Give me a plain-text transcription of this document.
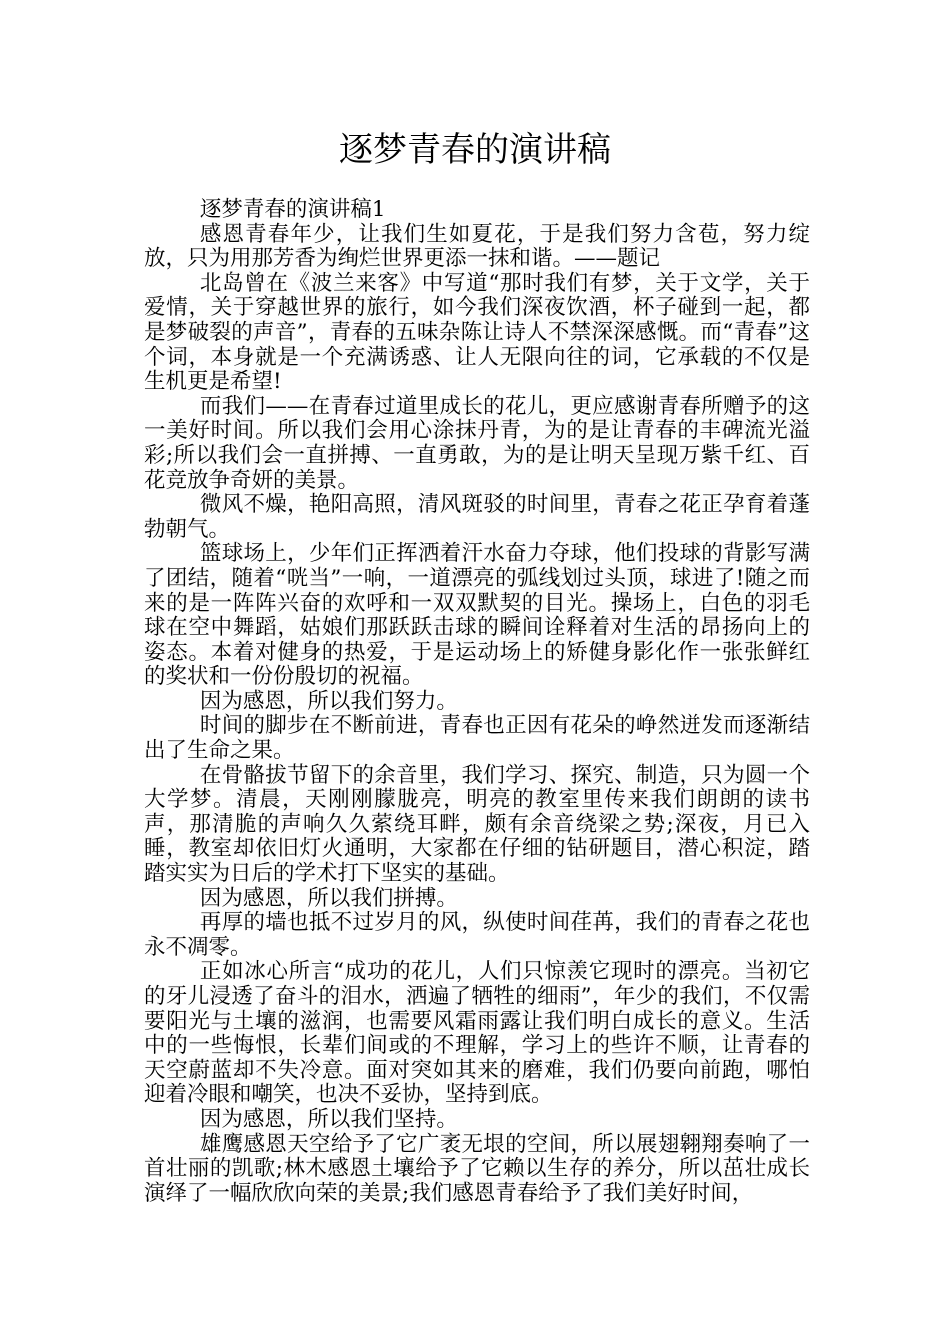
逐梦青春的演讲稿

逐梦青春的演讲稿1

感恩青春年少，让我们生如夏花，于是我们努力含苞，努力绽放，只为用那芳香为绚烂世界更添一抹和谐。——题记

北岛曾在《波兰来客》中写道“那时我们有梦，关于文学，关于爱情，关于穿越世界的旅行，如今我们深夜饮酒，杯子碰到一起，都是梦破裂的声音”，青春的五味杂陈让诗人不禁深深感慨。而“青春”这个词，本身就是一个充满诱惑、让人无限向往的词，它承载的不仅是生机更是希望!

而我们——在青春过道里成长的花儿，更应感谢青春所赠予的这一美好时间。所以我们会用心涂抹丹青，为的是让青春的丰碑流光溢彩;所以我们会一直拼搏、一直勇敢，为的是让明天呈现万紫千红、百花竞放争奇妍的美景。

微风不燥，艳阳高照，清风斑驳的时间里，青春之花正孕育着蓬勃朝气。

篮球场上，少年们正挥洒着汗水奋力夺球，他们投球的背影写满了团结，随着“咣当”一响，一道漂亮的弧线划过头顶，球进了!随之而来的是一阵阵兴奋的欢呼和一双双默契的目光。操场上，白色的羽毛球在空中舞蹈，姑娘们那跃跃击球的瞬间诠释着对生活的昂扬向上的姿态。本着对健身的热爱，于是运动场上的矫健身影化作一张张鲜红的奖状和一份份殷切的祝福。

因为感恩，所以我们努力。

时间的脚步在不断前进，青春也正因有花朵的峥然迸发而逐渐结出了生命之果。

在骨骼拔节留下的余音里，我们学习、探究、制造，只为圆一个大学梦。清晨，天刚刚朦胧亮，明亮的教室里传来我们朗朗的读书声，那清脆的声响久久萦绕耳畔，颇有余音绕梁之势;深夜，月已入睡，教室却依旧灯火通明，大家都在仔细的钻研题目，潜心积淀，踏踏实实为日后的学术打下坚实的基础。

因为感恩，所以我们拼搏。

再厚的墙也抵不过岁月的风，纵使时间荏苒，我们的青春之花也永不凋零。

正如冰心所言“成功的花儿，人们只惊羡它现时的漂亮。当初它的牙儿浸透了奋斗的泪水，洒遍了牺牲的细雨”，年少的我们，不仅需要阳光与土壤的滋润，也需要风霜雨露让我们明白成长的意义。生活中的一些悔恨，长辈们间或的不理解，学习上的些许不顺，让青春的天空蔚蓝却不失冷意。面对突如其来的磨难，我们仍要向前跑，哪怕迎着冷眼和嘲笑，也决不妥协，坚持到底。

因为感恩，所以我们坚持。

雄鹰感恩天空给予了它广袤无垠的空间，所以展翅翱翔奏响了一首壮丽的凯歌;林木感恩土壤给予了它赖以生存的养分，所以茁壮成长演绎了一幅欣欣向荣的美景;我们感恩青春给予了我们美好时间，
